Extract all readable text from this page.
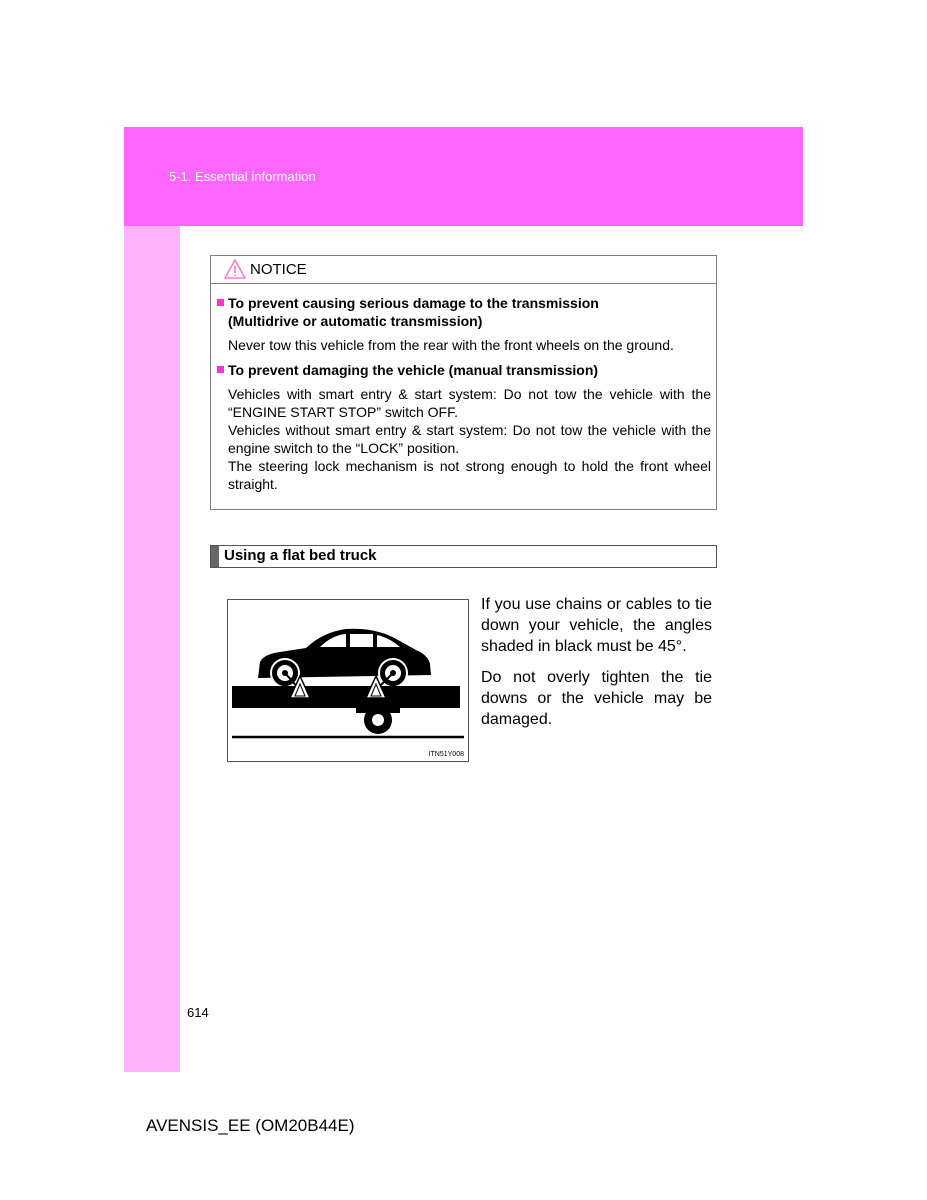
5-1. Essential information
NOTICE
To prevent causing serious damage to the transmission
(Multidrive or automatic transmission)
Never tow this vehicle from the rear with the front wheels on the ground.
To prevent damaging the vehicle (manual transmission)
Vehicles with smart entry & start system: Do not tow the vehicle with the “ENGINE START STOP” switch OFF.
Vehicles without smart entry & start system: Do not tow the vehicle with the engine switch to the “LOCK” position.
The steering lock mechanism is not strong enough to hold the front wheel straight.
Using a flat bed truck
ITN51Y008
If you use chains or cables to tie down your vehicle, the angles shaded in black must be 45°.
Do not overly tighten the tie downs or the vehicle may be damaged.
614
AVENSIS_EE (OM20B44E)
